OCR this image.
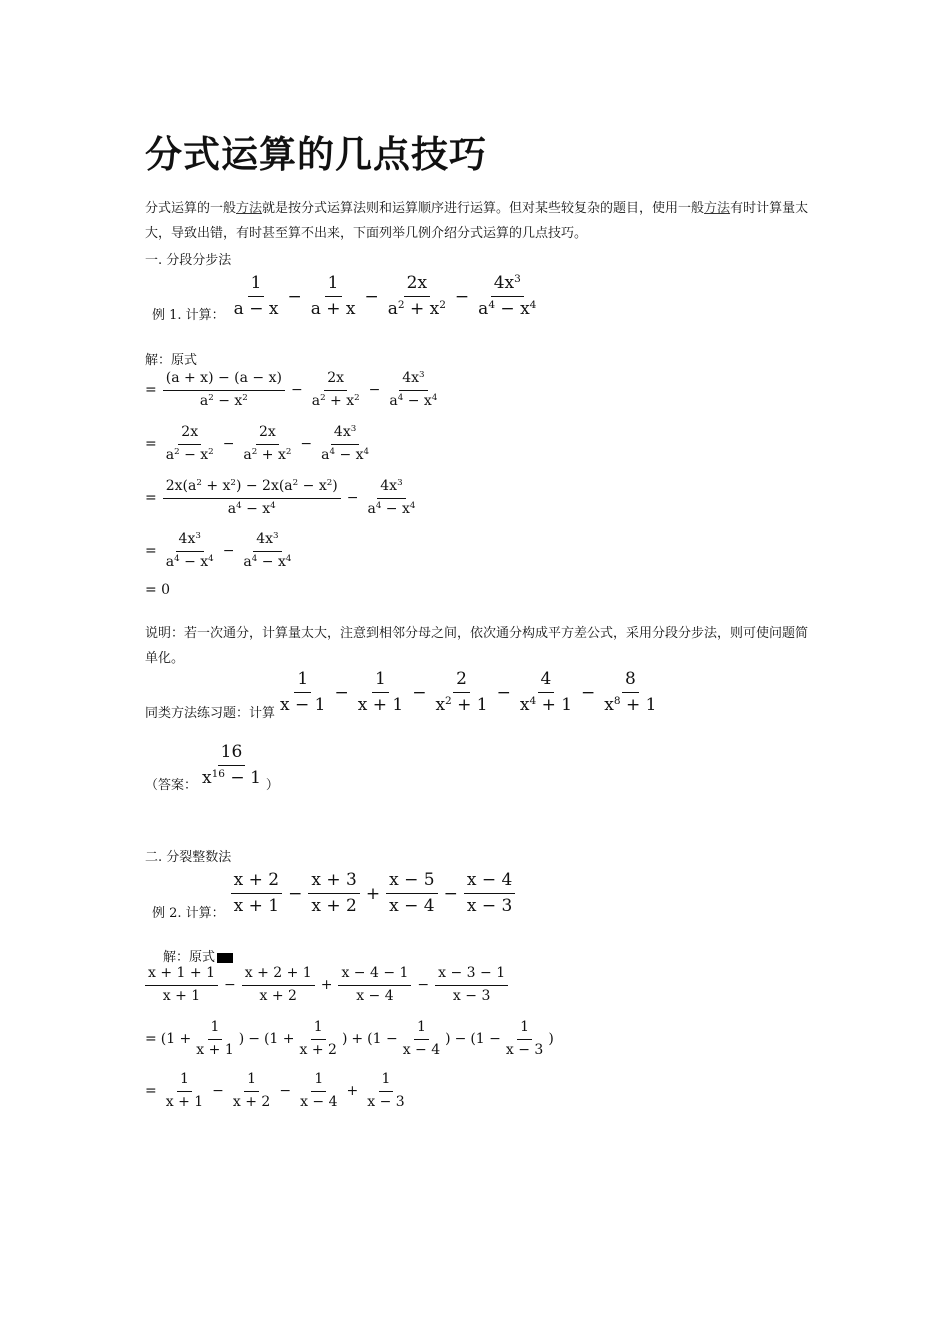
分式运算的几点技巧
分式运算的一般方法就是按分式运算法则和运算顺序进行运算。但对某些较复杂的题目，使用一般方法有时计算量太大，导致出错，有时甚至算不出来，下面列举几例介绍分式运算的几点技巧。
一. 分段分步法
例 1. 计算： $\frac{1}{a - x} - \frac{1}{a + x} - \frac{2x}{a^2 + x^2} - \frac{4x^3}{a^4 - x^4}$
解：原式
= $\frac{(a + x) - (a - x)}{a^2 - x^2} - \frac{2x}{a^2 + x^2} - \frac{4x^3}{a^4 - x^4}$
= $\frac{2x}{a^2 - x^2} - \frac{2x}{a^2 + x^2} - \frac{4x^3}{a^4 - x^4}$
= $\frac{2x(a^2 + x^2) - 2x(a^2 - x^2)}{a^4 - x^4} - \frac{4x^3}{a^4 - x^4}$
= $\frac{4x^3}{a^4 - x^4} - \frac{4x^3}{a^4 - x^4}$
= 0
说明：若一次通分，计算量太大，注意到相邻分母之间，依次通分构成平方差公式，采用分段分步法，则可使问题简单化。
同类方法练习题：计算 $\frac{1}{x - 1} - \frac{1}{x + 1} - \frac{2}{x^2 + 1} - \frac{4}{x^4 + 1} - \frac{8}{x^8 + 1}$
（答案： $\frac{16}{x^{16} - 1}$ ）
二. 分裂整数法
例 2. 计算： $\frac{x + 2}{x + 1} - \frac{x + 3}{x + 2} + \frac{x - 5}{x - 4} - \frac{x - 4}{x - 3}$
解：原式
$\frac{x + 1 + 1}{x + 1} - \frac{x + 2 + 1}{x + 2} + \frac{x - 4 - 1}{x - 4} - \frac{x - 3 - 1}{x - 3}$
= ($1 + \frac{1}{x + 1}$ ) − ($1 + \frac{1}{x + 2}$ ) + ($1 - \frac{1}{x - 4}$ ) − ($1 - \frac{1}{x - 3}$ )
= $\frac{1}{x + 1} - \frac{1}{x + 2} - \frac{1}{x - 4} + \frac{1}{x - 3}$
